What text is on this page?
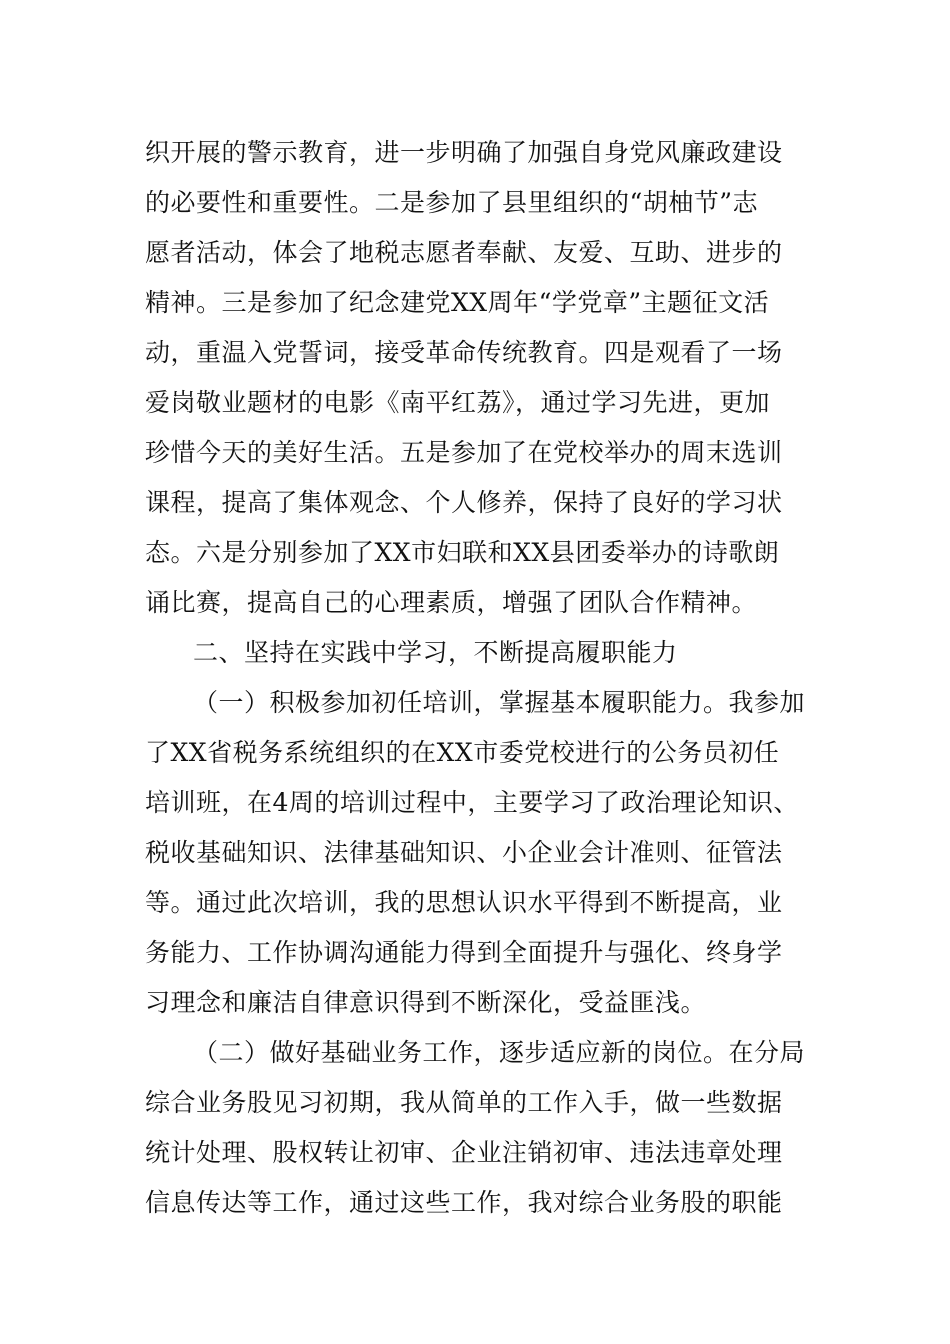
织开展的警示教育，进一步明确了加强自身党风廉政建设
的必要性和重要性。二是参加了县里组织的“胡柚节”志
愿者活动，体会了地税志愿者奉献、友爱、互助、进步的
精神。三是参加了纪念建党XX周年“学党章”主题征文活
动，重温入党誓词，接受革命传统教育。四是观看了一场
爱岗敬业题材的电影《南平红荔》，通过学习先进，更加
珍惜今天的美好生活。五是参加了在党校举办的周末选训
课程，提高了集体观念、个人修养，保持了良好的学习状
态。六是分别参加了XX市妇联和XX县团委举办的诗歌朗
诵比赛，提高自己的心理素质，增强了团队合作精神。
二、坚持在实践中学习，不断提高履职能力
（一）积极参加初任培训，掌握基本履职能力。我参加
了XX省税务系统组织的在XX市委党校进行的公务员初任
培训班，在4周的培训过程中，主要学习了政治理论知识、
税收基础知识、法律基础知识、小企业会计准则、征管法
等。通过此次培训，我的思想认识水平得到不断提高，业
务能力、工作协调沟通能力得到全面提升与强化、终身学
习理念和廉洁自律意识得到不断深化，受益匪浅。
（二）做好基础业务工作，逐步适应新的岗位。在分局
综合业务股见习初期，我从简单的工作入手，做一些数据
统计处理、股权转让初审、企业注销初审、违法违章处理
信息传达等工作，通过这些工作，我对综合业务股的职能
